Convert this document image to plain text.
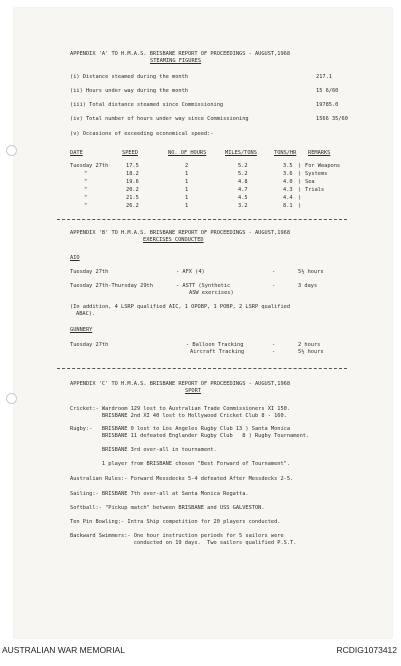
APPENDIX 'A' TO H.M.A.S. BRISBANE REPORT OF PROCEEDINGS - AUGUST,1968
STEAMING FIGURES
(i) Distance steamed during the month	217.1
(ii) Hours under way during the month	15 6/60
(iii) Total distance steamed since Commissioning	19785.0
(iv) Total number of hours under way since Commissioning	1566 35/60
(v) Occasions of exceeding economical speed:-
DATE	SPEED	NO. OF HOURS	MILES/TONS	TONS/HR REMARKS
Tuesday 27th	17.5	2	5.2	3.5 ) For Weapons
"	18.2	1	5.2	3.6 ) Systems
"	19.6	1	4.8	4.0 ) Sea
"	20.2	1	4.7	4.3 ) Trials
"	21.5	1	4.5	4.4 )
"	26.2	1	3.2	8.1 )
APPENDIX 'B' TO H.M.A.S. BRISBANE REPORT OF PROCEEDINGS - AUGUST,1968
EXERCISES CONDUCTED
AIO
Tuesday 27th	- AFX (4)	-	5½ hours
Tuesday 27th-Thursday 29th	- ASTT (Synthetic	-	3 days
ASW exercises)
(In addition, 4 LSRP qualified AIC, 1 OPOBP, 1 POBP, 2 LSRP qualified
ABAC).
GUNNERY
Tuesday 27th	- Balloon Tracking	-	2 hours
Aircraft Tracking	-	5½ hours
APPENDIX 'C' TO H.M.A.S. BRISBANE REPORT OF PROCEEDINGS - AUGUST,1968
SPORT
Cricket:- Wardroom 129 lost to Australian Trade Commissioners XI 150.
BRISBANE 2nd XI 40 lost to Hollywood Cricket Club 8 - 160.
Rugby:-   BRISBANE 0 lost to Los Angeles Rugby Club 13 ) Santa Monica
BRISBANE 11 defeated Englander Rugby Club   8 ) Rugby Tournament.
BRISBANE 3rd over-all in tournament.
1 player from BRISBANE chosen "Best Forward of Tournament".
Australian Rules:- Forward Messdecks 5-4 defeated After Messdecks 2-5.
Sailing:- BRISBANE 7th over-all at Santa Monica Regatta.
Softball:- "Pickup match" between BRISBANE and USS GALVESTON.
Ten Pin Bowling:- Intra Ship competition for 20 players conducted.
Backward Swimmers:- One hour instruction periods for 5 sailors were
conducted on 19 days.  Two sailors qualified P.S.T.
AUSTRALIAN WAR MEMORIAL	RCDIG1073412
